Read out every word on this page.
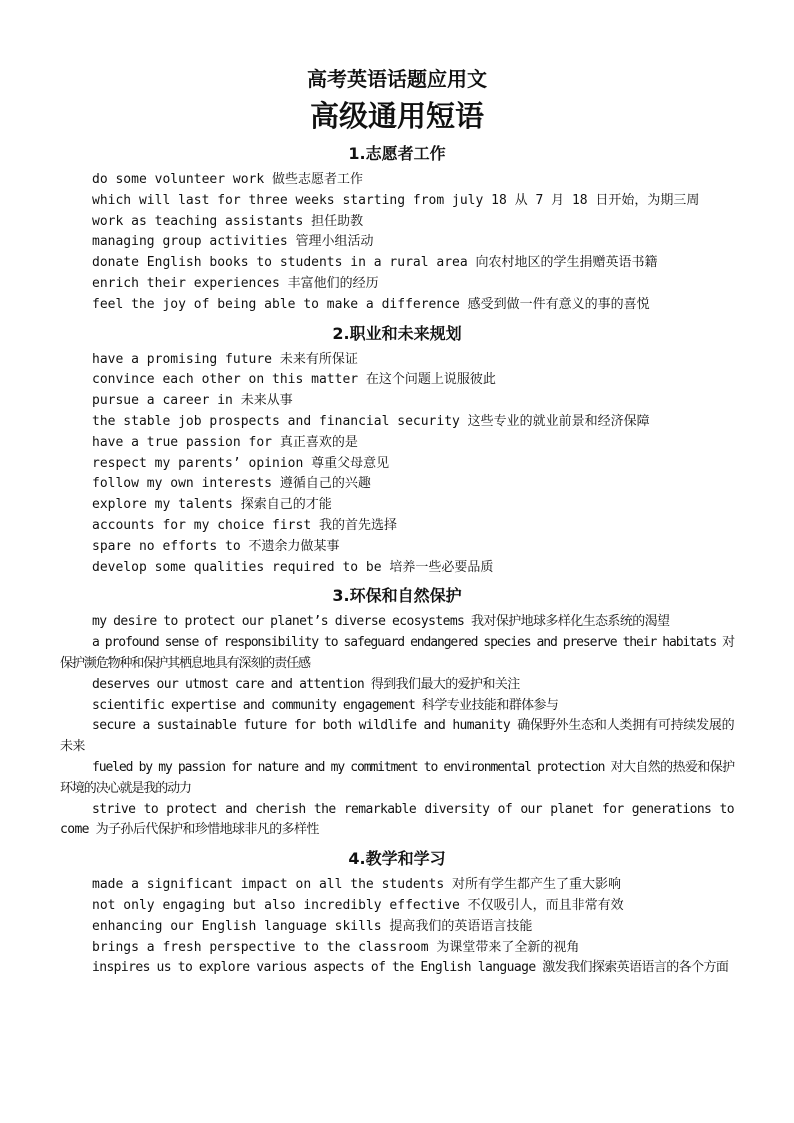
高考英语话题应用文
高级通用短语
1.志愿者工作
do some volunteer work 做些志愿者工作
which will last for three weeks starting from july 18 从 7 月 18 日开始，为期三周
work as teaching assistants 担任助教
managing group activities 管理小组活动
donate English books to students in a rural area 向农村地区的学生捐赠英语书籍
enrich their experiences 丰富他们的经历
feel the joy of being able to make a difference 感受到做一件有意义的事的喜悦
2.职业和未来规划
have a promising future 未来有所保证
convince each other on this matter 在这个问题上说服彼此
pursue a career in 未来从事
the stable job prospects and financial security 这些专业的就业前景和经济保障
have a true passion for 真正喜欢的是
respect my parents’ opinion 尊重父母意见
follow my own interests 遵循自己的兴趣
explore my talents 探索自己的才能
accounts for my choice first 我的首先选择
spare no efforts to 不遗余力做某事
develop some qualities required to be 培养一些必要品质
3.环保和自然保护
my desire to protect our planet’s diverse ecosystems 我对保护地球多样化生态系统的渴望
a profound sense of responsibility to safeguard endangered species and preserve their habitats 对保护濒危物种和保护其栖息地具有深刻的责任感
deserves our utmost care and attention 得到我们最大的爱护和关注
scientific expertise and community engagement 科学专业技能和群体参与
secure a sustainable future for both wildlife and humanity 确保野外生态和人类拥有可持续发展的未来
fueled by my passion for nature and my commitment to environmental protection 对大自然的热爱和保护环境的决心就是我的动力
strive to protect and cherish the remarkable diversity of our planet for generations to come 为子孙后代保护和珍惜地球非凡的多样性
4.教学和学习
made a significant impact on all the students 对所有学生都产生了重大影响
not only engaging but also incredibly effective 不仅吸引人，而且非常有效
enhancing our English language skills 提高我们的英语语言技能
brings a fresh perspective to the classroom 为课堂带来了全新的视角
inspires us to explore various aspects of the English language 激发我们探索英语语言的各个方面
